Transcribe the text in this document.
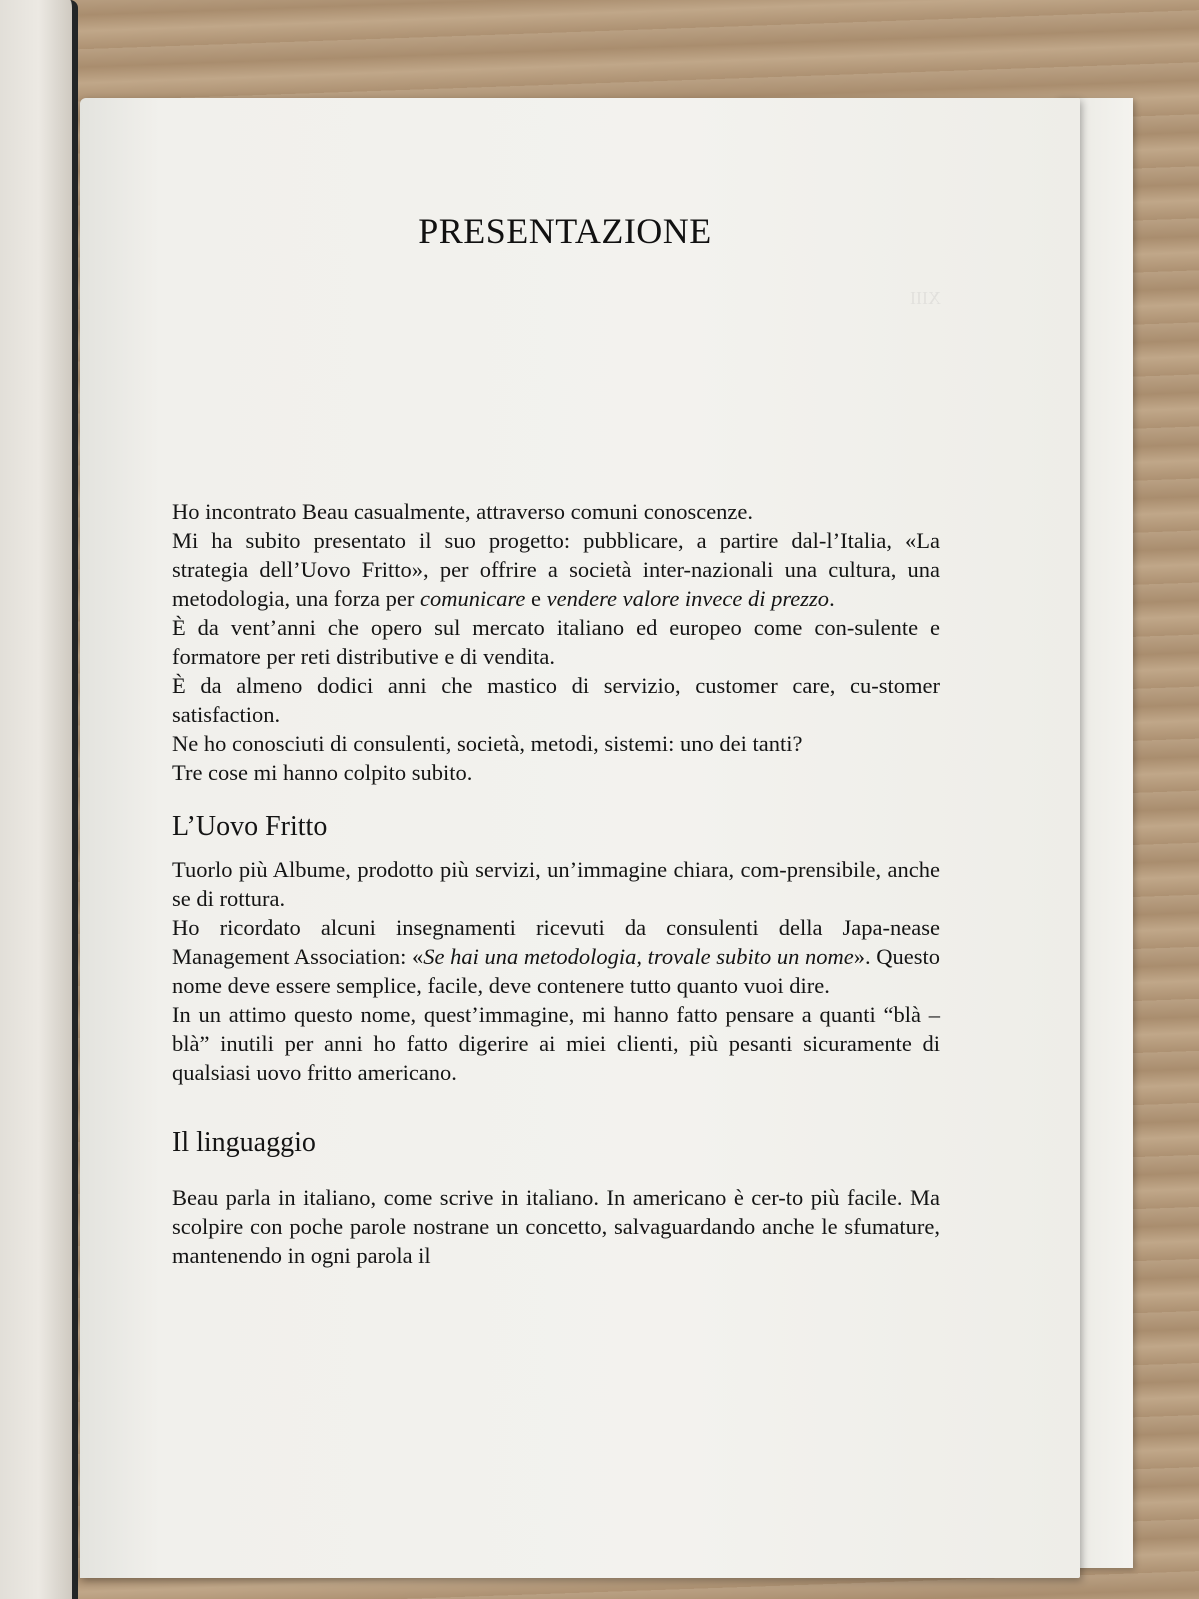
XIII
PRESENTAZIONE

Ho incontrato Beau casualmente, attraverso comuni conoscenze.

Mi ha subito presentato il suo progetto: pubblicare, a partire dal-l’Italia, «La strategia dell’Uovo Fritto», per offrire a società inter-nazionali una cultura, una metodologia, una forza per comunicare e vendere valore invece di prezzo.

È da vent’anni che opero sul mercato italiano ed europeo come con-sulente e formatore per reti distributive e di vendita.

È da almeno dodici anni che mastico di servizio, customer care, cu-stomer satisfaction.

Ne ho conosciuti di consulenti, società, metodi, sistemi: uno dei tanti?

Tre cose mi hanno colpito subito.

L’Uovo Fritto

Tuorlo più Albume, prodotto più servizi, un’immagine chiara, com-prensibile, anche se di rottura.

Ho ricordato alcuni insegnamenti ricevuti da consulenti della Japa-nease Management Association: «Se hai una metodologia, trovale subito un nome». Questo nome deve essere semplice, facile, deve contenere tutto quanto vuoi dire.

In un attimo questo nome, quest’immagine, mi hanno fatto pensare a quanti “blà – blà” inutili per anni ho fatto digerire ai miei clienti, più pesanti sicuramente di qualsiasi uovo fritto americano.

Il linguaggio

Beau parla in italiano, come scrive in italiano. In americano è cer-to più facile. Ma scolpire con poche parole nostrane un concetto, salvaguardando anche le sfumature, mantenendo in ogni parola il
